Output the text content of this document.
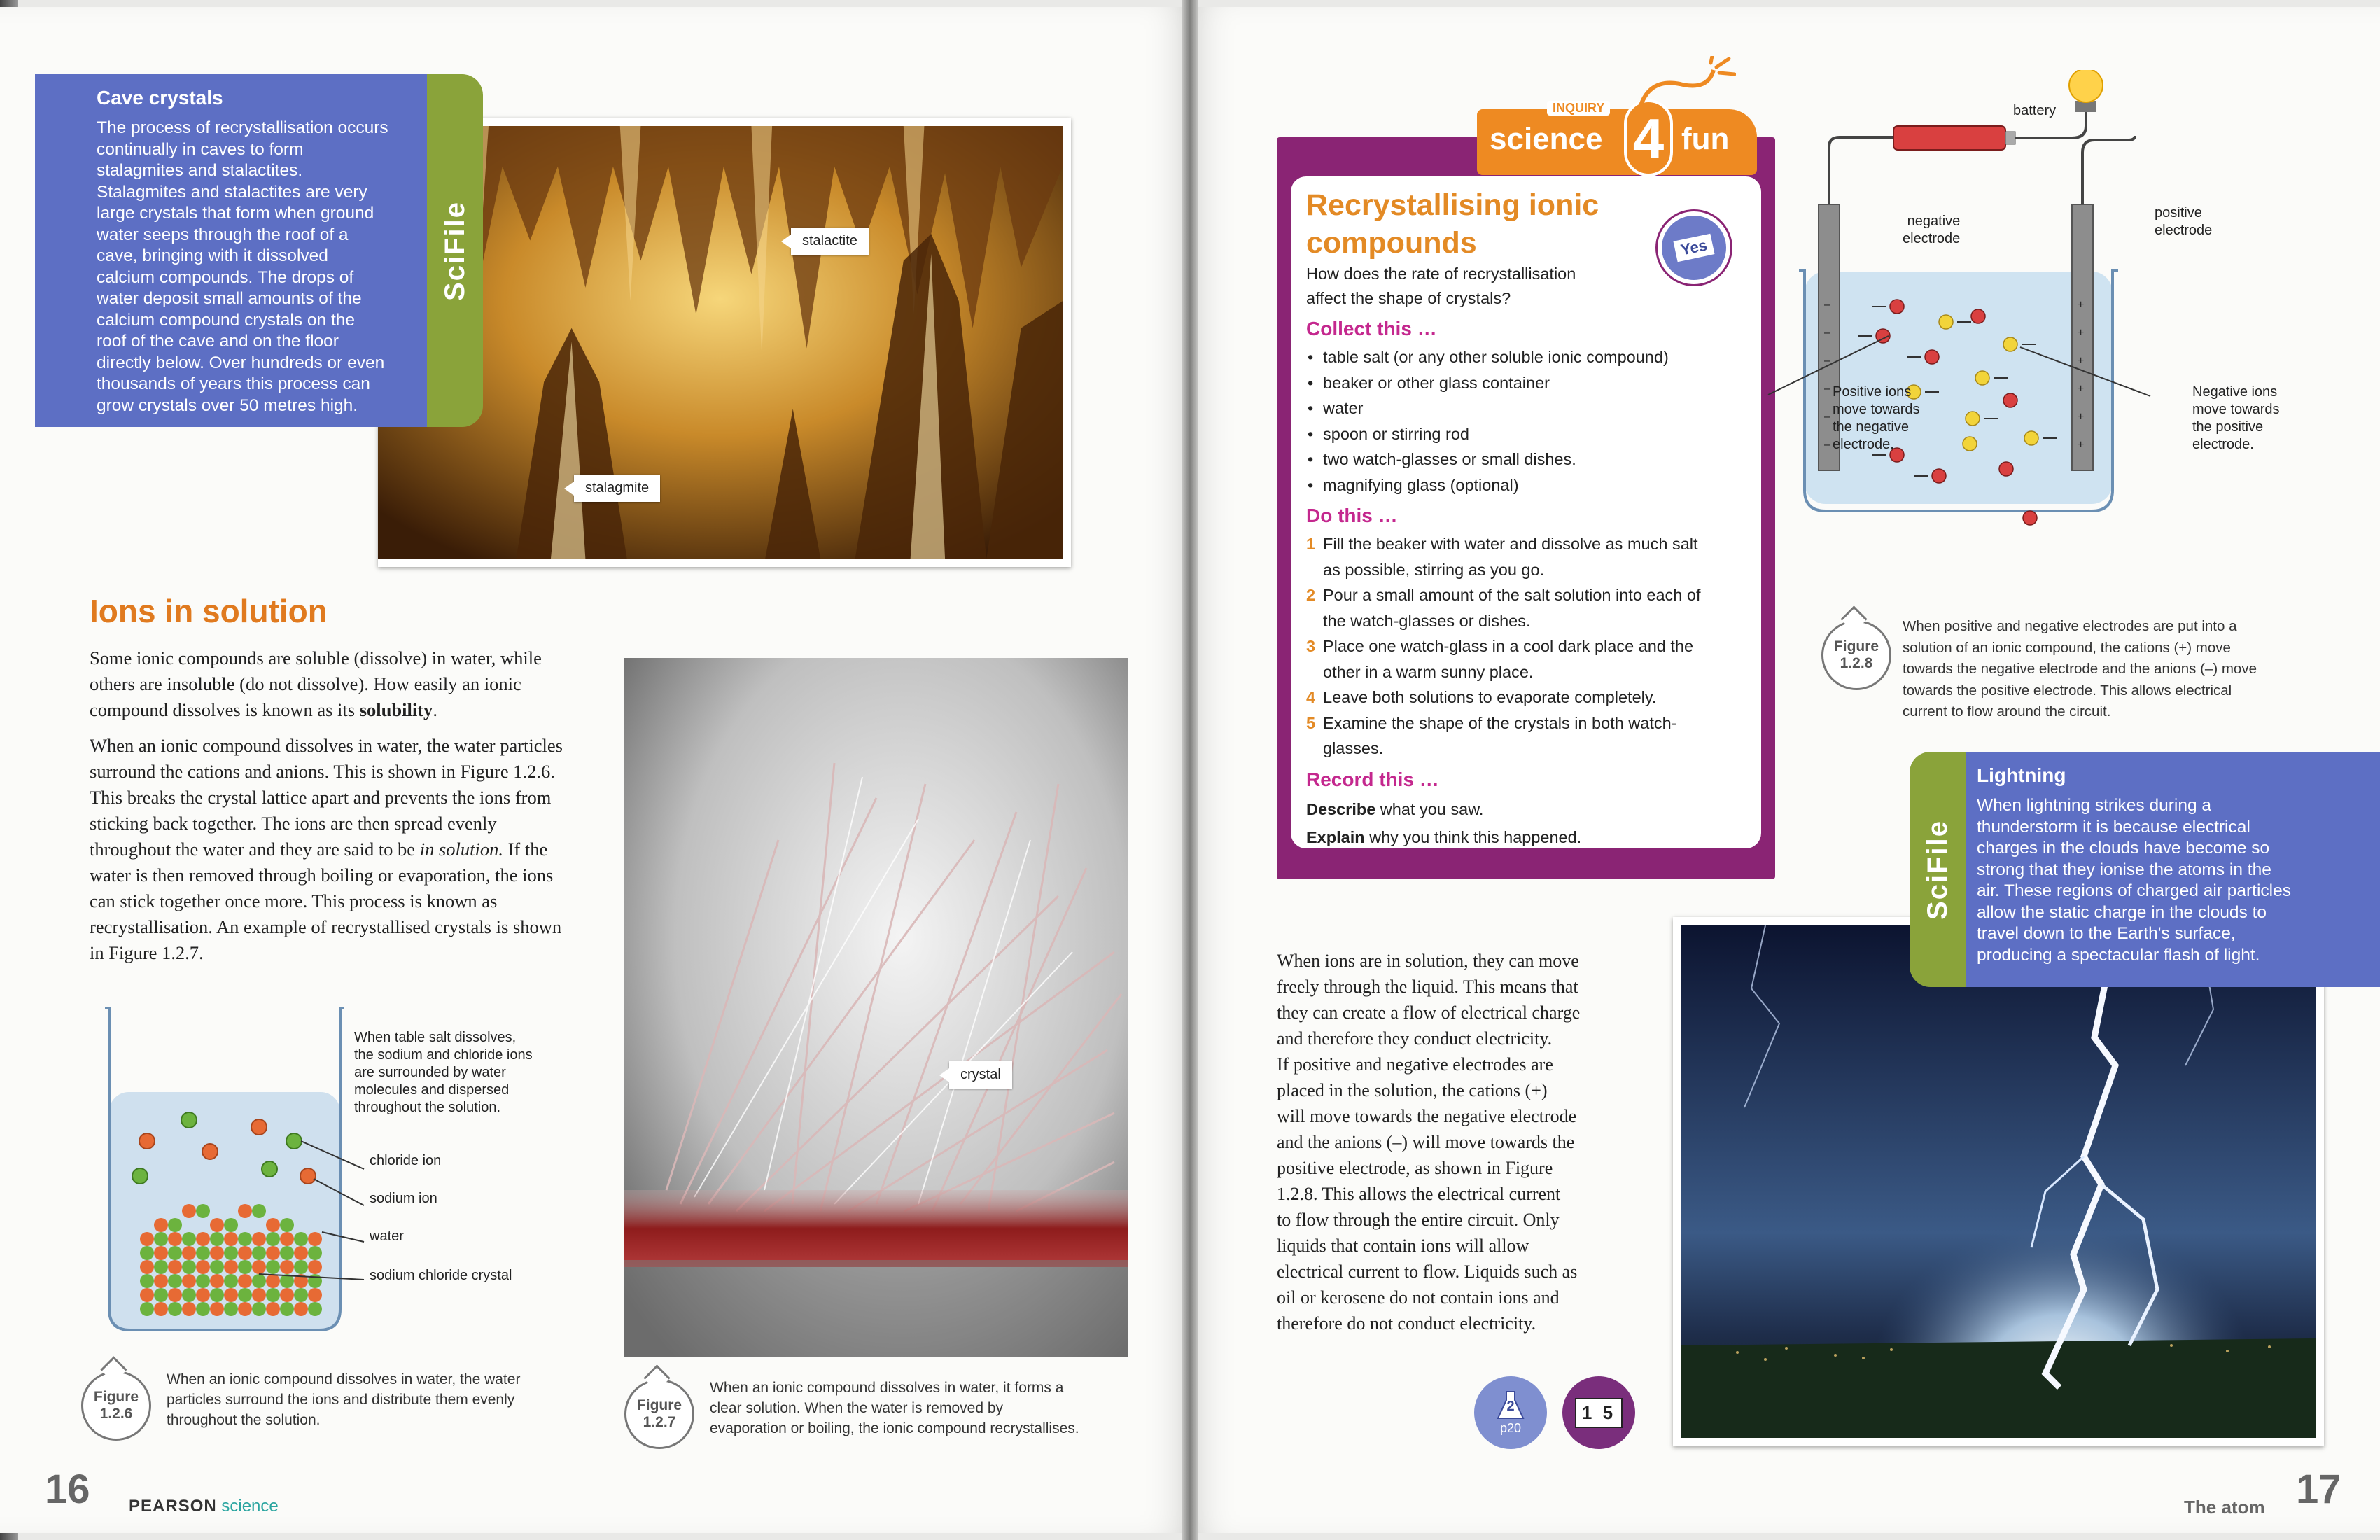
stalactite
stalagmite
Cave crystals
The process of recrystallisation occurs
continually in caves to form
stalagmites and stalactites.
Stalagmites and stalactites are very
large crystals that form when ground
water seeps through the roof of a
cave, bringing with it dissolved
calcium compounds. The drops of
water deposit small amounts of the
calcium compound crystals on the
roof of the cave and on the floor
directly below. Over hundreds or even
thousands of years this process can
grow crystals over 50 metres high.
SciFile
Ions in solution

Some ionic compounds are soluble (dissolve) in water, while others are insoluble (do not dissolve). How easily an ionic compound dissolves is known as its solubility.

When an ionic compound dissolves in water, the water particles surround the cations and anions. This is shown in Figure 1.2.6. This breaks the crystal lattice apart and prevents the ions from sticking back together. The ions are then spread evenly throughout the water and they are said to be in solution. If the water is then removed through boiling or evaporation, the ions can stick together once more. This process is known as recrystallisation. An example of recrystallised crystals is shown in Figure 1.2.7.

When table salt dissolves,
the sodium and chloride ions
are surrounded by water
molecules and dispersed
throughout the solution.
chloride ion
sodium ion
water
sodium chloride crystal
Figure
1.2.6
When an ionic compound dissolves in water, the water
particles surround the ions and distribute them evenly
throughout the solution.
crystal
Figure
1.2.7
When an ionic compound dissolves in water, it forms a
clear solution. When the water is removed by
evaporation or boiling, the ionic compound recrystallises.
16 PEARSON science
Recrystallising ionic
compounds
How does the rate of recrystallisation
affect the shape of crystals?
Collect this …
• table salt (or any other soluble ionic compound)
• beaker or other glass container
• water
• spoon or stirring rod
• two watch-glasses or small dishes.
• magnifying glass (optional)
Do this …
1 Fill the beaker with water and dissolve as much salt
as possible, stirring as you go.
2 Pour a small amount of the salt solution into each of
the watch-glasses or dishes.
3 Place one watch-glass in a cool dark place and the
other in a warm sunny place.
4 Leave both solutions to evaporate completely.
5 Examine the shape of the crystals in both watch-
glasses.
Record this …
Describe what you saw.
Explain why you think this happened.
Yes
INQUIRY
science 4 fun
–
–
–
–
–
–
+
+
+
+
+
+
battery
negative
electrode
positive
electrode
Positive ions
move towards
the negative
electrode.
Negative ions
move towards
the positive
electrode.
Figure
1.2.8
When positive and negative electrodes are put into a
solution of an ionic compound, the cations (+) move
towards the negative electrode and the anions (–) move
towards the positive electrode. This allows electrical
current to flow around the circuit.
SciFile
Lightning
When lightning strikes during a
thunderstorm it is because electrical
charges in the clouds have become so
strong that they ionise the atoms in the
air. These regions of charged air particles
allow the static charge in the clouds to
travel down to the Earth's surface,
producing a spectacular flash of light.
When ions are in solution, they can move
freely through the liquid. This means that
they can create a flow of electrical charge
and therefore they conduct electricity.
If positive and negative electrodes are
placed in the solution, the cations (+)
will move towards the negative electrode
and the anions (–) will move towards the
positive electrode, as shown in Figure
1.2.8. This allows the electrical current
to flow through the entire circuit. Only
liquids that contain ions will allow
electrical current to flow. Liquids such as
oil or kerosene do not contain ions and
therefore do not conduct electricity.
2
p20
1 5
The atom 17
